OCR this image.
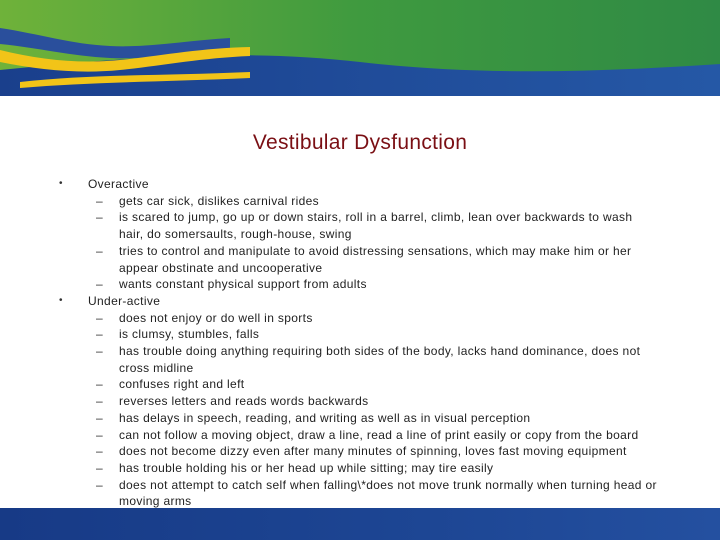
Vestibular Dysfunction
• Overactive
– gets car sick, dislikes carnival rides
– is scared to jump, go up or down stairs, roll in a barrel, climb, lean over backwards to wash hair, do somersaults, rough-house, swing
– tries to control and manipulate to avoid distressing sensations, which may make him or her appear obstinate and uncooperative
– wants constant physical support from adults
• Under-active
– does not enjoy or do well in sports
– is clumsy, stumbles, falls
– has trouble doing anything requiring both sides of the body, lacks hand dominance, does not cross midline
– confuses right and left
– reverses letters and reads words backwards
– has delays in speech, reading, and writing as well as in visual perception
– can not follow a moving object, draw a line, read a line of print easily or copy from the board
– does not become dizzy even after many minutes of spinning, loves fast moving equipment
– has trouble holding his or her head up while sitting; may tire easily
– does not attempt to catch self when falling\*does not move trunk normally when turning head or moving arms
